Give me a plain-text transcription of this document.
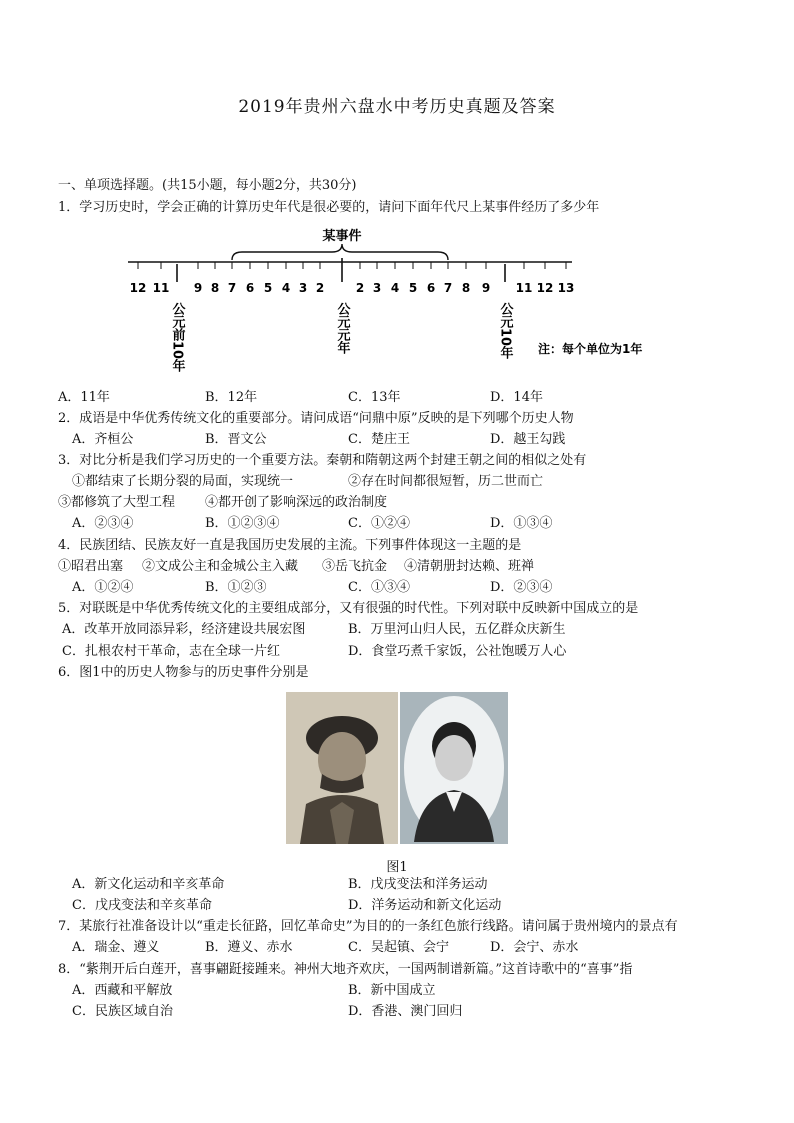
2019年贵州六盘水中考历史真题及答案
一、单项选择题。(共15小题，每小题2分，共30分)
1．学习历史时，学会正确的计算历史年代是很必要的，请问下面年代尺上某事件经历了多少年
某事件
12 11 9 8 7 6 5 4 3 2	2 3 4 5 6 7 8 9 11 12 13
公元前10年	公元元年	公元10年 注：每个单位为1年
A．11年	B．12年	C．13年	D．14年
2．成语是中华优秀传统文化的重要部分。请问成语“问鼎中原”反映的是下列哪个历史人物
A．齐桓公	B．晋文公	C．楚庄王	D．越王勾践
3．对比分析是我们学习历史的一个重要方法。秦朝和隋朝这两个封建王朝之间的相似之处有
①都结束了长期分裂的局面，实现统一	②存在时间都很短暂，历二世而亡
③都修筑了大型工程 ④都开创了影响深远的政治制度
A．②③④	B．①②③④	C．①②④	D．①③④
4．民族团结、民族友好一直是我国历史发展的主流。下列事件体现这一主题的是
①昭君出塞 ②文成公主和金城公主入藏 ③岳飞抗金 ④清朝册封达赖、班禅
A．①②④	B．①②③	C．①③④	D．②③④
5．对联既是中华优秀传统文化的主要组成部分，又有很强的时代性。下列对联中反映新中国成立的是
A．改革开放同添异彩，经济建设共展宏图	B．万里河山归人民，五亿群众庆新生
C．扎根农村干革命，志在全球一片红	D．食堂巧煮千家饭，公社饱暖万人心
6．图1中的历史人物参与的历史事件分别是
图1
A．新文化运动和辛亥革命	B．戊戌变法和洋务运动
C．戊戌变法和辛亥革命	D．洋务运动和新文化运动
7．某旅行社准备设计以“重走长征路，回忆革命史”为目的的一条红色旅行线路。请问属于贵州境内的景点有
A．瑞金、遵义	B．遵义、赤水	C．吴起镇、会宁	D．会宁、赤水
8．“紫荆开后白莲开，喜事翩跹接踵来。神州大地齐欢庆，一国两制谱新篇。”这首诗歌中的“喜事”指
A．西藏和平解放	B．新中国成立
C．民族区域自治	D．香港、澳门回归
